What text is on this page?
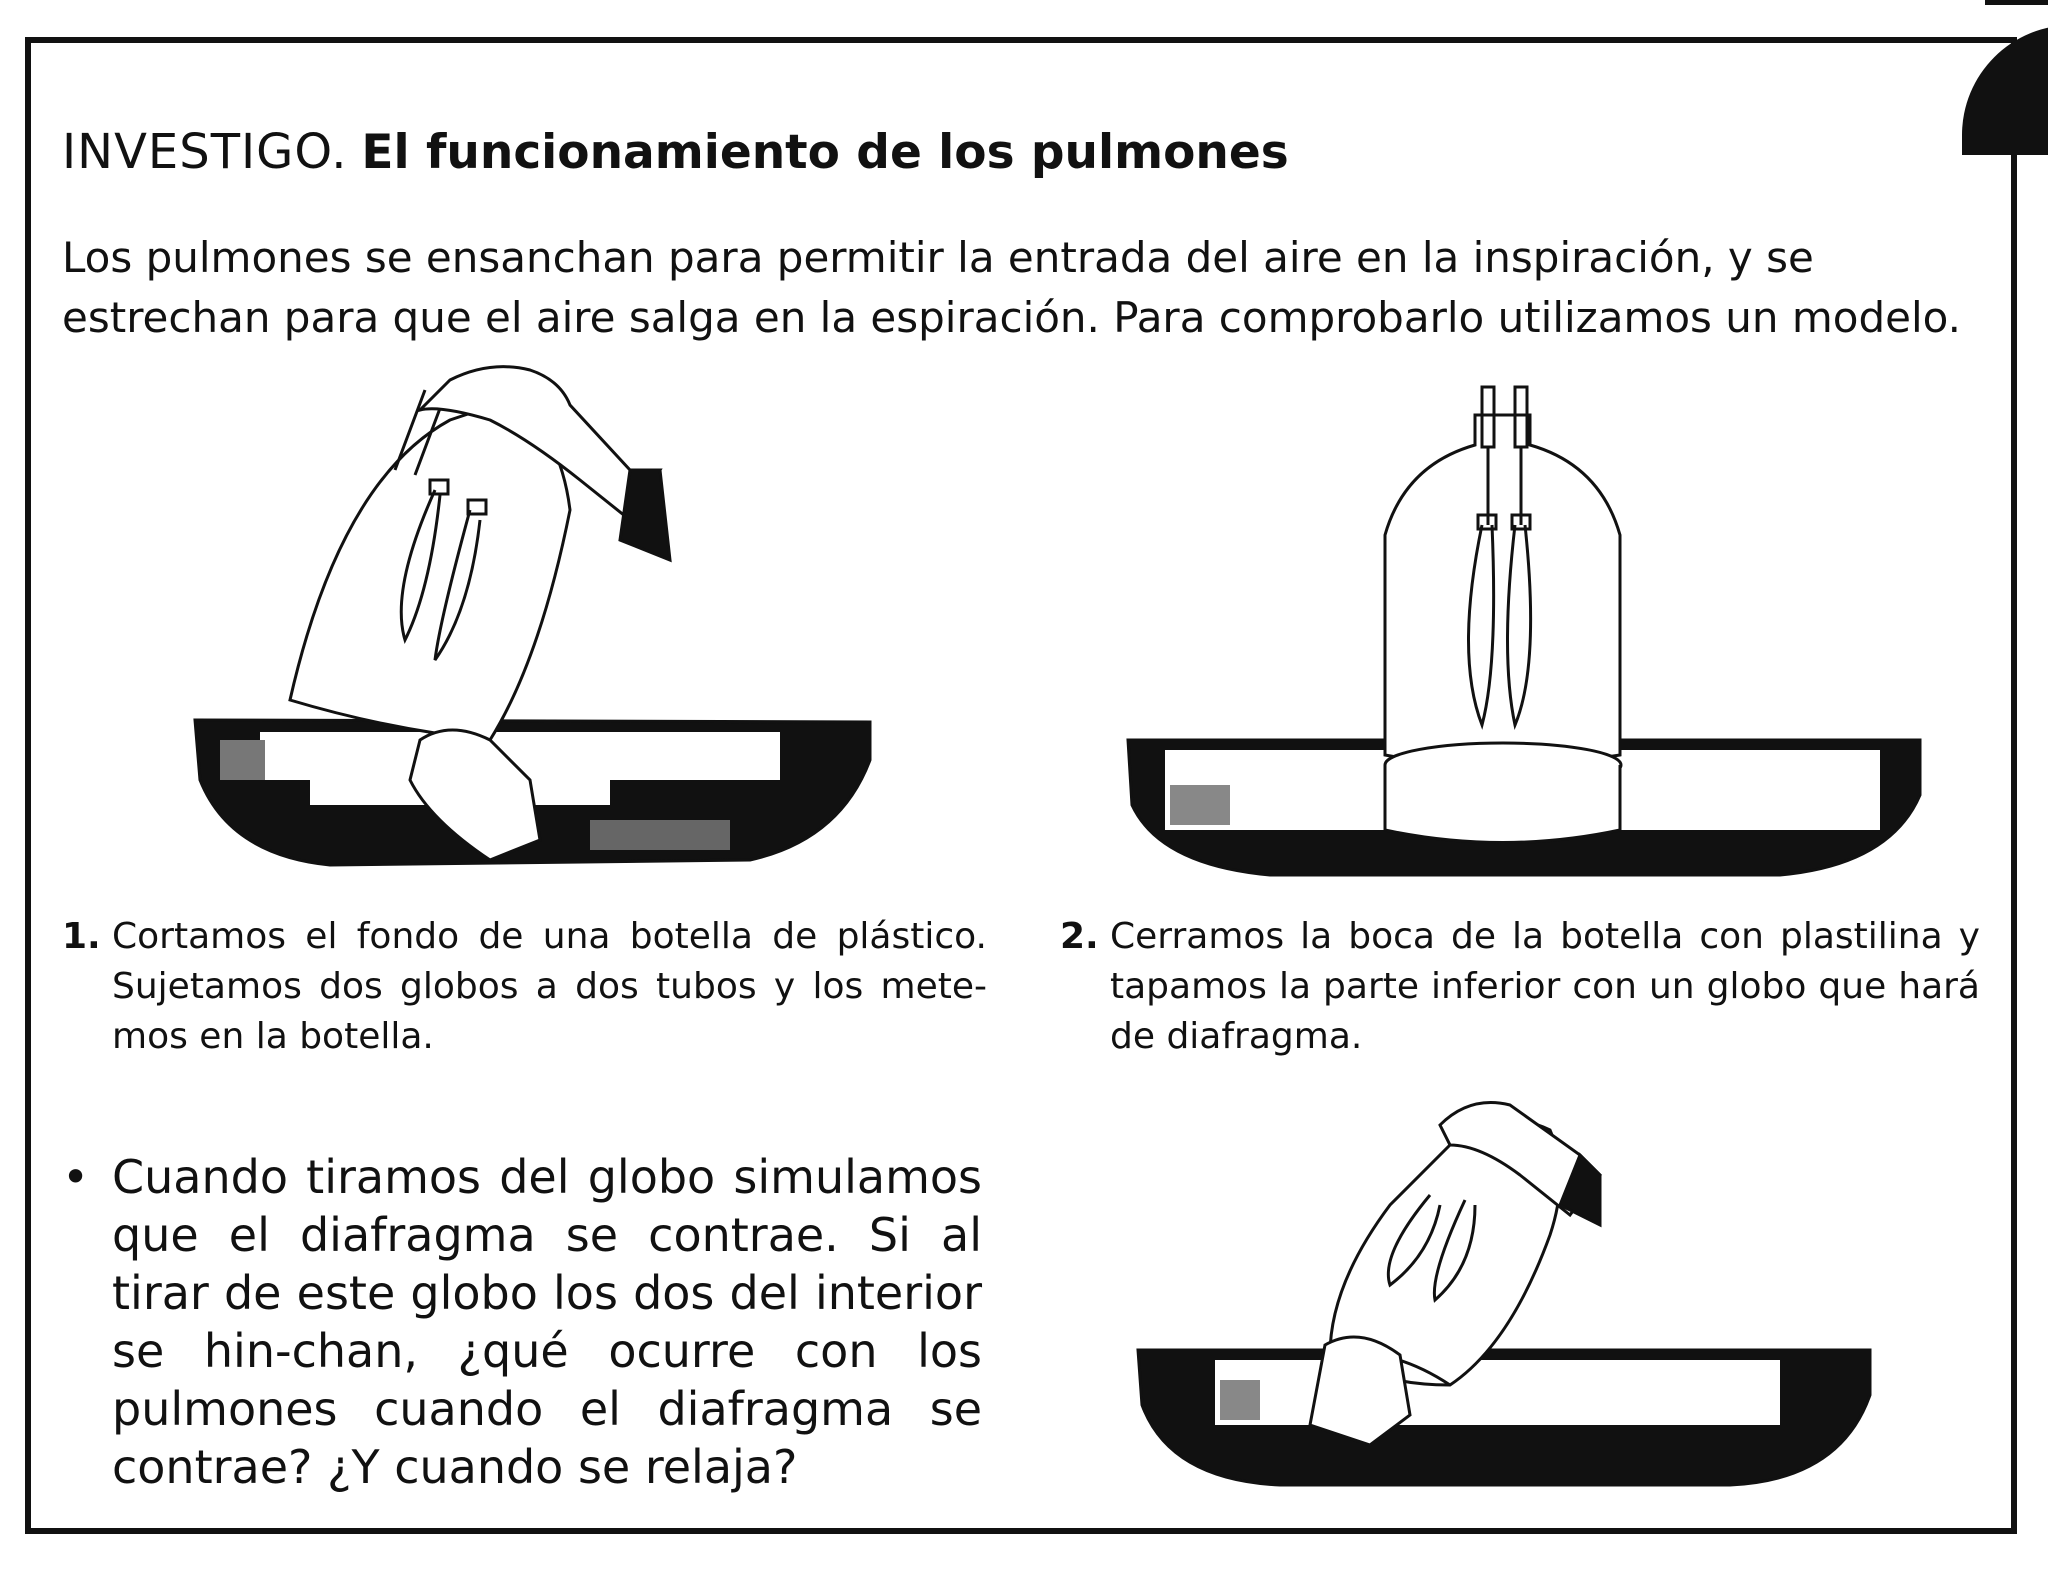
INVESTIGO. El funcionamiento de los pulmones
Los pulmones se ensanchan para permitir la entrada del aire en la inspiración, y se estrechan para que el aire salga en la espiración. Para comprobarlo utilizamos un modelo.
1. Cortamos el fondo de una botella de plástico. Sujetamos dos globos a dos tubos y los mete-mos en la botella.
2. Cerramos la boca de la botella con plastilina y tapamos la parte inferior con un globo que hará de diafragma.
• Cuando tiramos del globo simulamos que el diafragma se contrae. Si al tirar de este globo los dos del interior se hin-chan, ¿qué ocurre con los pulmones cuando el diafragma se contrae? ¿Y cuando se relaja?
